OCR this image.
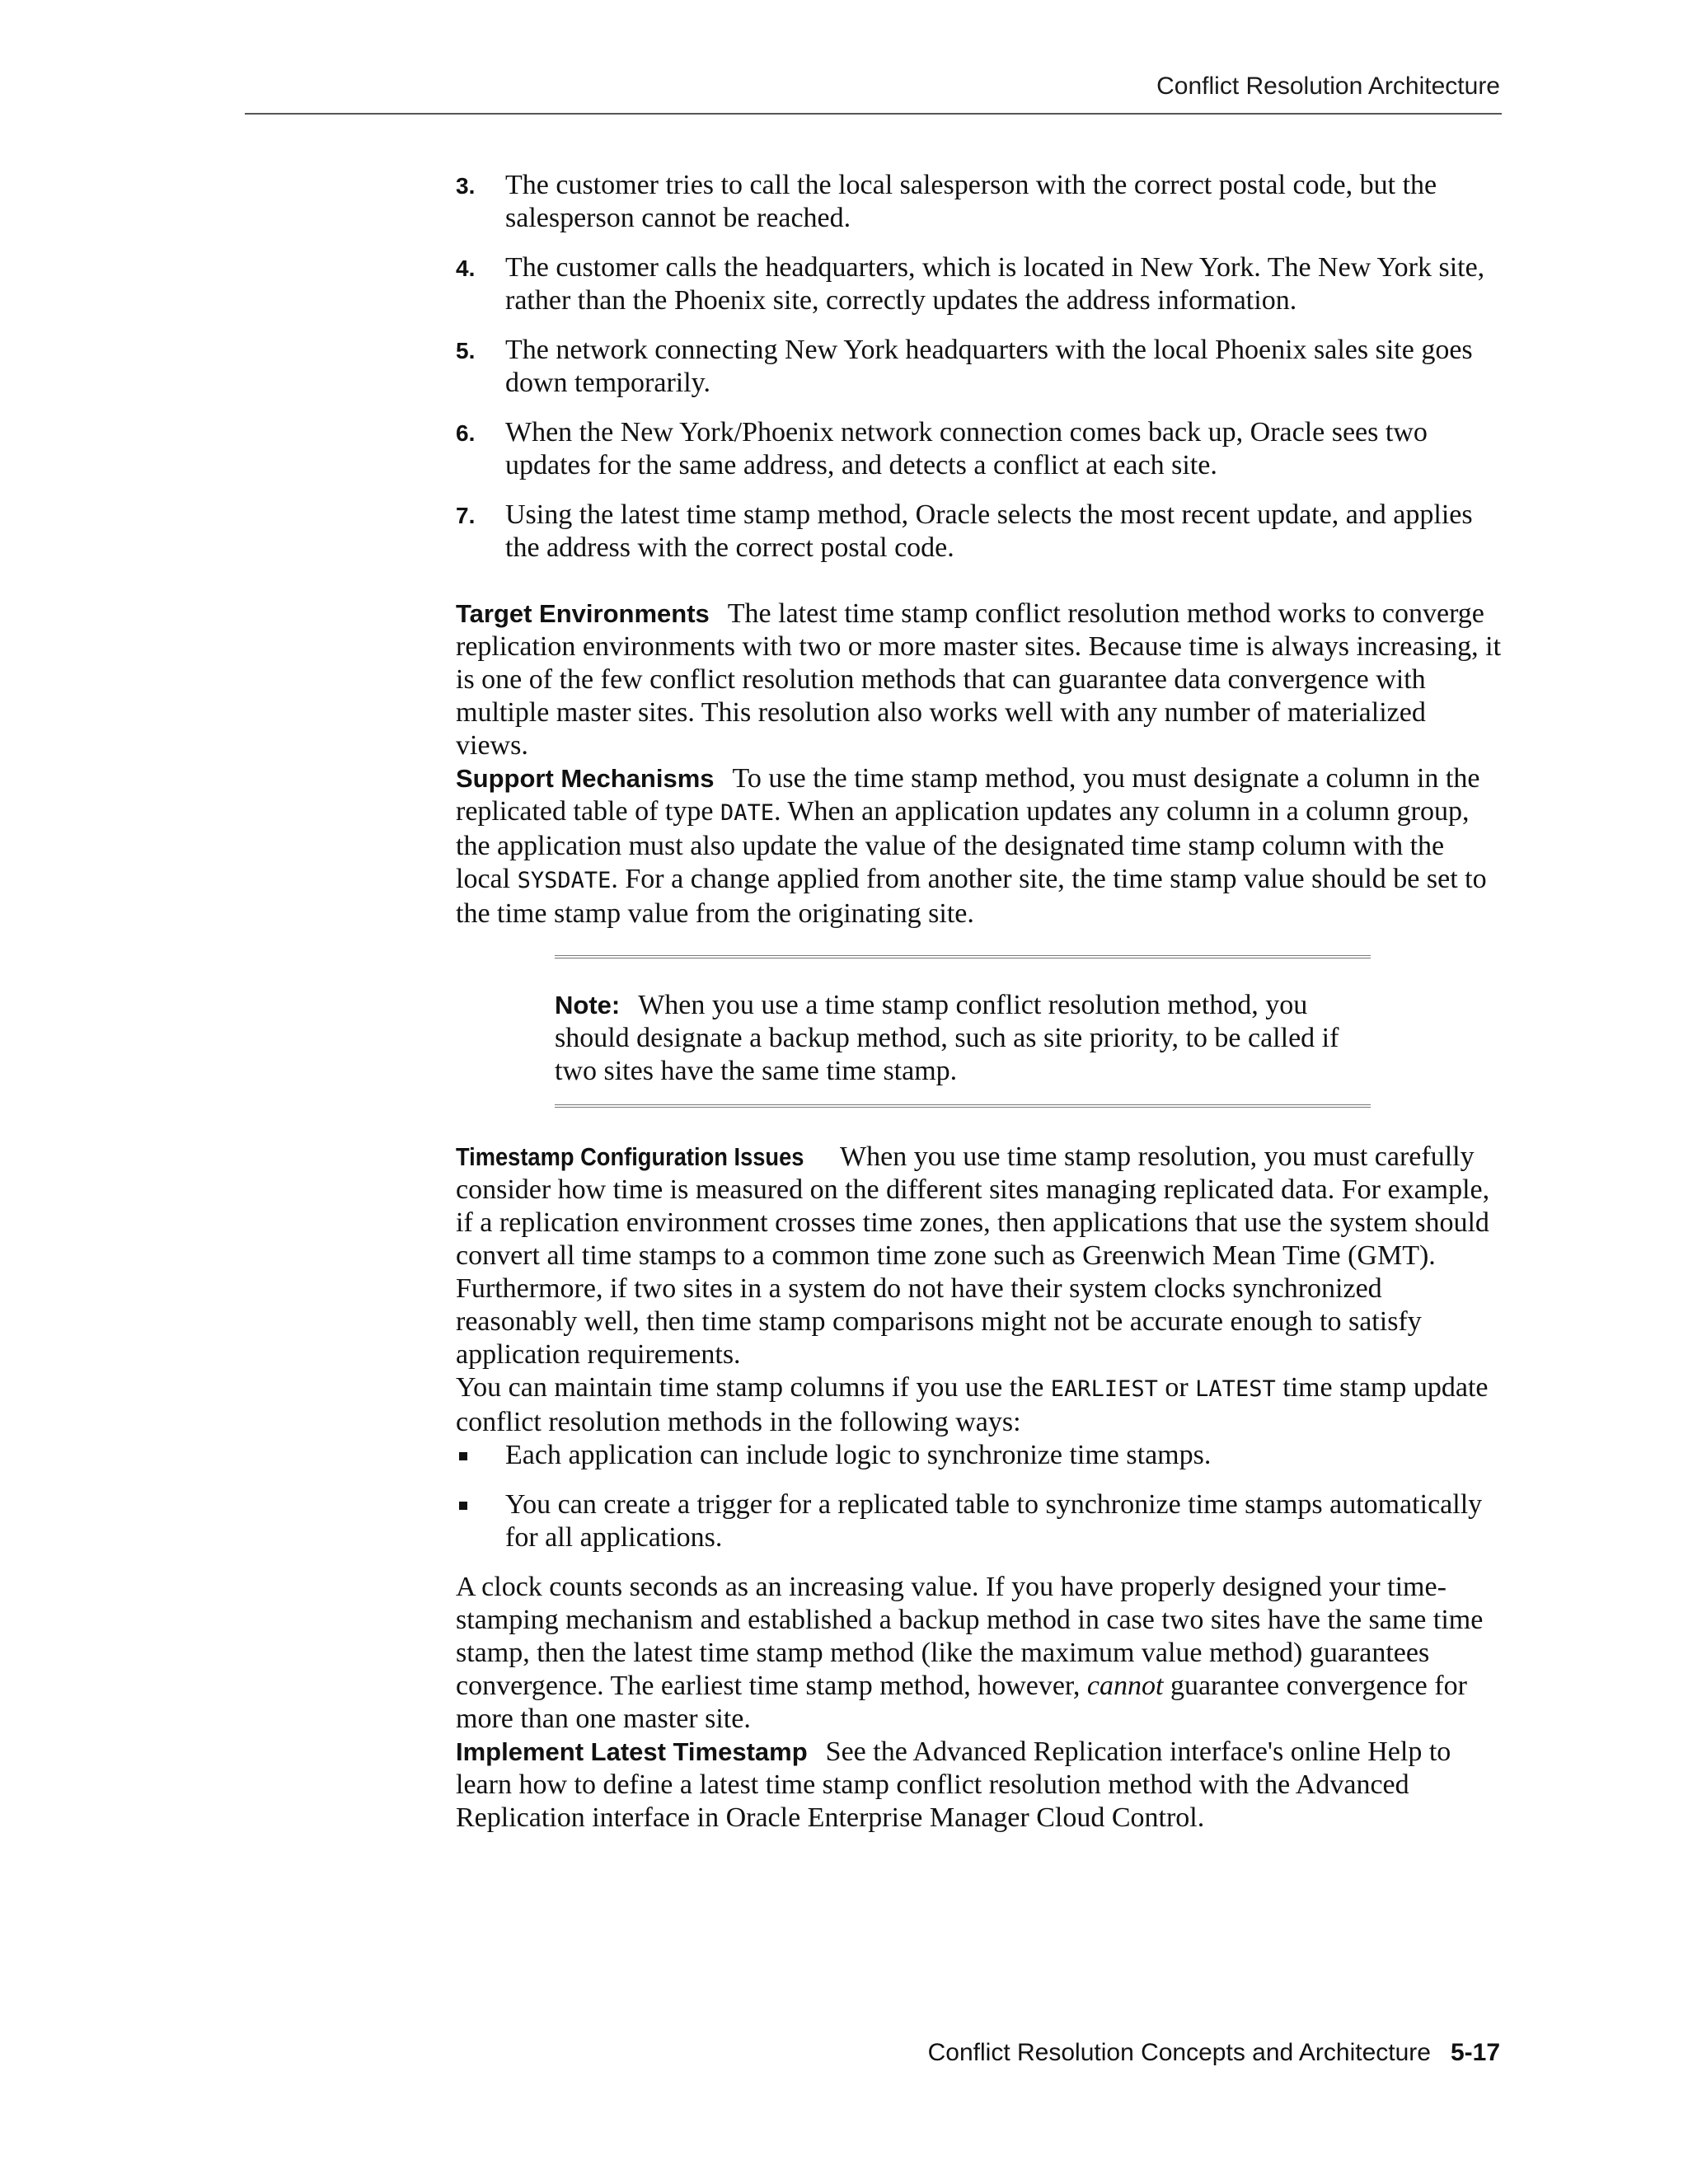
Conflict Resolution Architecture
3. The customer tries to call the local salesperson with the correct postal code, but the salesperson cannot be reached.

4. The customer calls the headquarters, which is located in New York. The New York site, rather than the Phoenix site, correctly updates the address information.

5. The network connecting New York headquarters with the local Phoenix sales site goes down temporarily.

6. When the New York/Phoenix network connection comes back up, Oracle sees two updates for the same address, and detects a conflict at each site.

7. Using the latest time stamp method, Oracle selects the most recent update, and applies the address with the correct postal code.

Target Environments The latest time stamp conflict resolution method works to converge replication environments with two or more master sites. Because time is always increasing, it is one of the few conflict resolution methods that can guarantee data convergence with multiple master sites. This resolution also works well with any number of materialized views.

Support Mechanisms To use the time stamp method, you must designate a column in the replicated table of type DATE. When an application updates any column in a column group, the application must also update the value of the designated time stamp column with the local SYSDATE. For a change applied from another site, the time stamp value should be set to the time stamp value from the originating site.

Note: When you use a time stamp conflict resolution method, you should designate a backup method, such as site priority, to be called if two sites have the same time stamp.

Timestamp Configuration Issues When you use time stamp resolution, you must carefully consider how time is measured on the different sites managing replicated data. For example, if a replication environment crosses time zones, then applications that use the system should convert all time stamps to a common time zone such as Greenwich Mean Time (GMT). Furthermore, if two sites in a system do not have their system clocks synchronized reasonably well, then time stamp comparisons might not be accurate enough to satisfy application requirements.

You can maintain time stamp columns if you use the EARLIEST or LATEST time stamp update conflict resolution methods in the following ways:

Each application can include logic to synchronize time stamps.

You can create a trigger for a replicated table to synchronize time stamps automatically for all applications.

A clock counts seconds as an increasing value. If you have properly designed your time-stamping mechanism and established a backup method in case two sites have the same time stamp, then the latest time stamp method (like the maximum value method) guarantees convergence. The earliest time stamp method, however, cannot guarantee convergence for more than one master site.

Implement Latest Timestamp See the Advanced Replication interface's online Help to learn how to define a latest time stamp conflict resolution method with the Advanced Replication interface in Oracle Enterprise Manager Cloud Control.

Conflict Resolution Concepts and Architecture 5-17
